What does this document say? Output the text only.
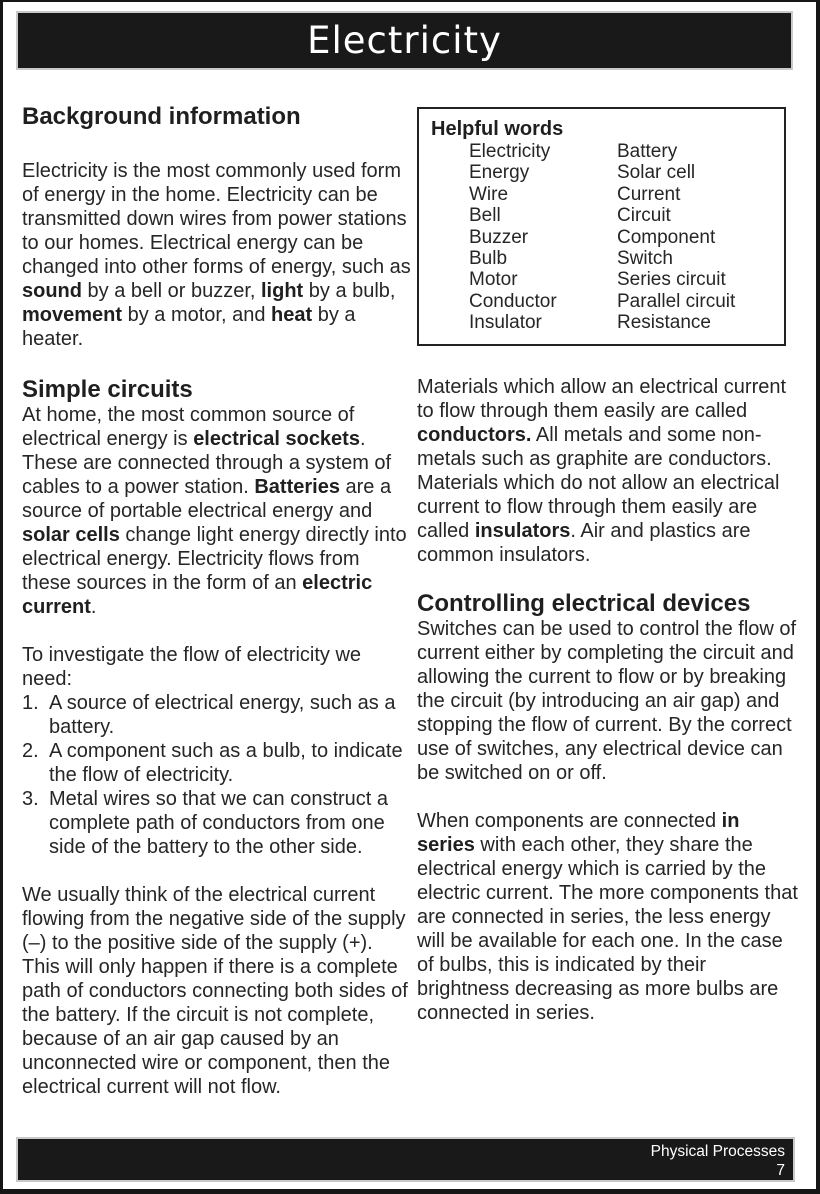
Electricity
Background information

Electricity is the most commonly used form of energy in the home. Electricity can be transmitted down wires from power stations to our homes. Electrical energy can be changed into other forms of energy, such as sound by a bell or buzzer, light by a bulb, movement by a motor, and heat by a heater.

Simple circuits

At home, the most common source of electrical energy is electrical sockets. These are connected through a system of cables to a power station. Batteries are a source of portable electrical energy and solar cells change light energy directly into electrical energy. Electricity flows from these sources in the form of an electric current.

To investigate the flow of electricity we need:

1. A source of electrical energy, such as a battery.
2. A component such as a bulb, to indicate the flow of electricity.
3. Metal wires so that we can construct a complete path of conductors from one side of the battery to the other side.

We usually think of the electrical current flowing from the negative side of the supply (–) to the positive side of the supply (+). This will only happen if there is a complete path of conductors connecting both sides of the battery. If the circuit is not complete, because of an air gap caused by an unconnected wire or component, then the electrical current will not flow.

Helpful words
Electricity
Energy
Wire
Bell
Buzzer
Bulb
Motor
Conductor
Insulator
Battery
Solar cell
Current
Circuit
Component
Switch
Series circuit
Parallel circuit
Resistance

Materials which allow an electrical current to flow through them easily are called conductors. All metals and some non-metals such as graphite are conductors. Materials which do not allow an electrical current to flow through them easily are called insulators. Air and plastics are common insulators.

Controlling electrical devices

Switches can be used to control the flow of current either by completing the circuit and allowing the current to flow or by breaking the circuit (by introducing an air gap) and stopping the flow of current. By the correct use of switches, any electrical device can be switched on or off.

When components are connected in series with each other, they share the electrical energy which is carried by the electric current. The more components that are connected in series, the less energy will be available for each one. In the case of bulbs, this is indicated by their brightness decreasing as more bulbs are connected in series.

Physical Processes
7
